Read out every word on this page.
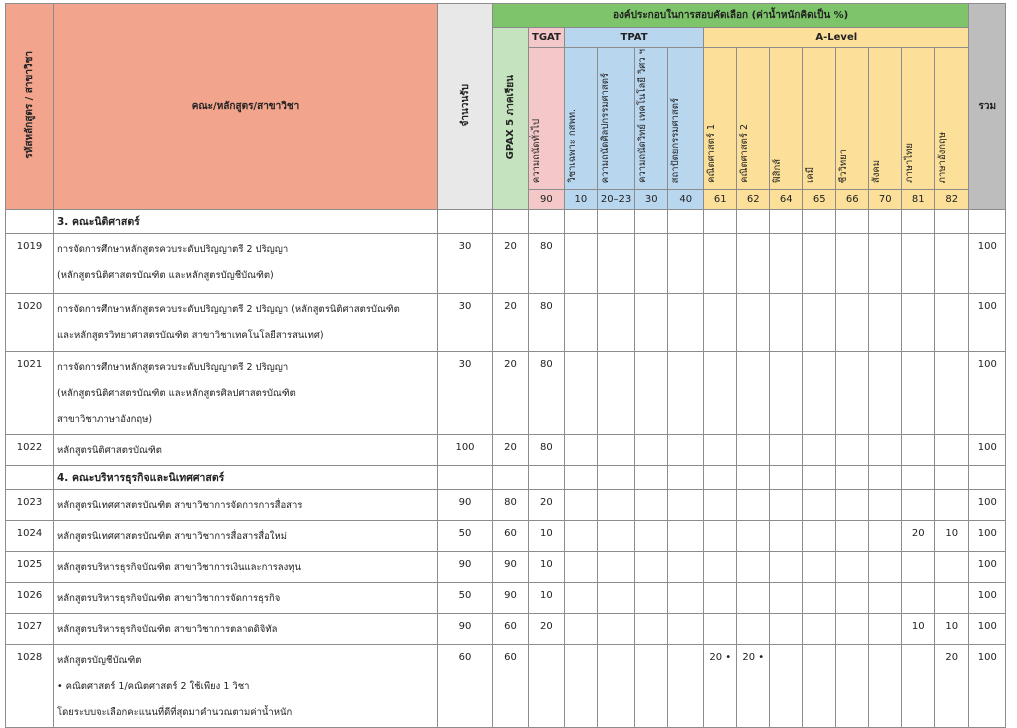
รหัสหลักสูตร / สาขาวิชา	คณะ/หลักสูตร/สาขาวิชา	จำนวนรับ	องค์ประกอบในการสอบคัดเลือก (ค่าน้ำหนักคิดเป็น %)														รวม
			GPAX 5 ภาคเรียน	TGAT	TPAT				A-Level								
				ความถนัดทั่วไป	วิชาเฉพาะ กสพท.	ความถนัดศิลปกรรมศาสตร์	ความถนัดวิทย์ เทคโนโลยี วิศว ฯ	สถาปัตยกรรมศาสตร์	คณิตศาสตร์ 1	คณิตศาสตร์ 2	ฟิสิกส์	เคมี	ชีววิทยา	สังคม	ภาษาไทย	ภาษาอังกฤษ	
				90	10	20–23	30	40	61	62	64	65	66	70	81	82	
	3. คณะนิติศาสตร์																
1019	การจัดการศึกษาหลักสูตรควบระดับปริญญาตรี 2 ปริญญา
(หลักสูตรนิติศาสตรบัณฑิต และหลักสูตรบัญชีบัณฑิต)	30	20	80													100
1020	การจัดการศึกษาหลักสูตรควบระดับปริญญาตรี 2 ปริญญา (หลักสูตรนิติศาสตรบัณฑิต
และหลักสูตรวิทยาศาสตรบัณฑิต สาขาวิชาเทคโนโลยีสารสนเทศ)	30	20	80													100
1021	การจัดการศึกษาหลักสูตรควบระดับปริญญาตรี 2 ปริญญา
(หลักสูตรนิติศาสตรบัณฑิต และหลักสูตรศิลปศาสตรบัณฑิต
สาขาวิชาภาษาอังกฤษ)	30	20	80													100
1022	หลักสูตรนิติศาสตรบัณฑิต	100	20	80													100
	4. คณะบริหารธุรกิจและนิเทศศาสตร์																
1023	หลักสูตรนิเทศศาสตรบัณฑิต สาขาวิชาการจัดการการสื่อสาร	90	80	20													100
1024	หลักสูตรนิเทศศาสตรบัณฑิต สาขาวิชาการสื่อสารสื่อใหม่	50	60	10											20	10	100
1025	หลักสูตรบริหารธุรกิจบัณฑิต สาขาวิชาการเงินและการลงทุน	90	90	10													100
1026	หลักสูตรบริหารธุรกิจบัณฑิต สาขาวิชาการจัดการธุรกิจ	50	90	10													100
1027	หลักสูตรบริหารธุรกิจบัณฑิต สาขาวิชาการตลาดดิจิทัล	90	60	20											10	10	100
1028	หลักสูตรบัญชีบัณฑิต
• คณิตศาสตร์ 1/คณิตศาสตร์ 2 ใช้เพียง 1 วิชา
โดยระบบจะเลือกคะแนนที่ดีที่สุดมาคำนวณตามค่าน้ำหนัก	60	60						20 •	20 •						20	100
